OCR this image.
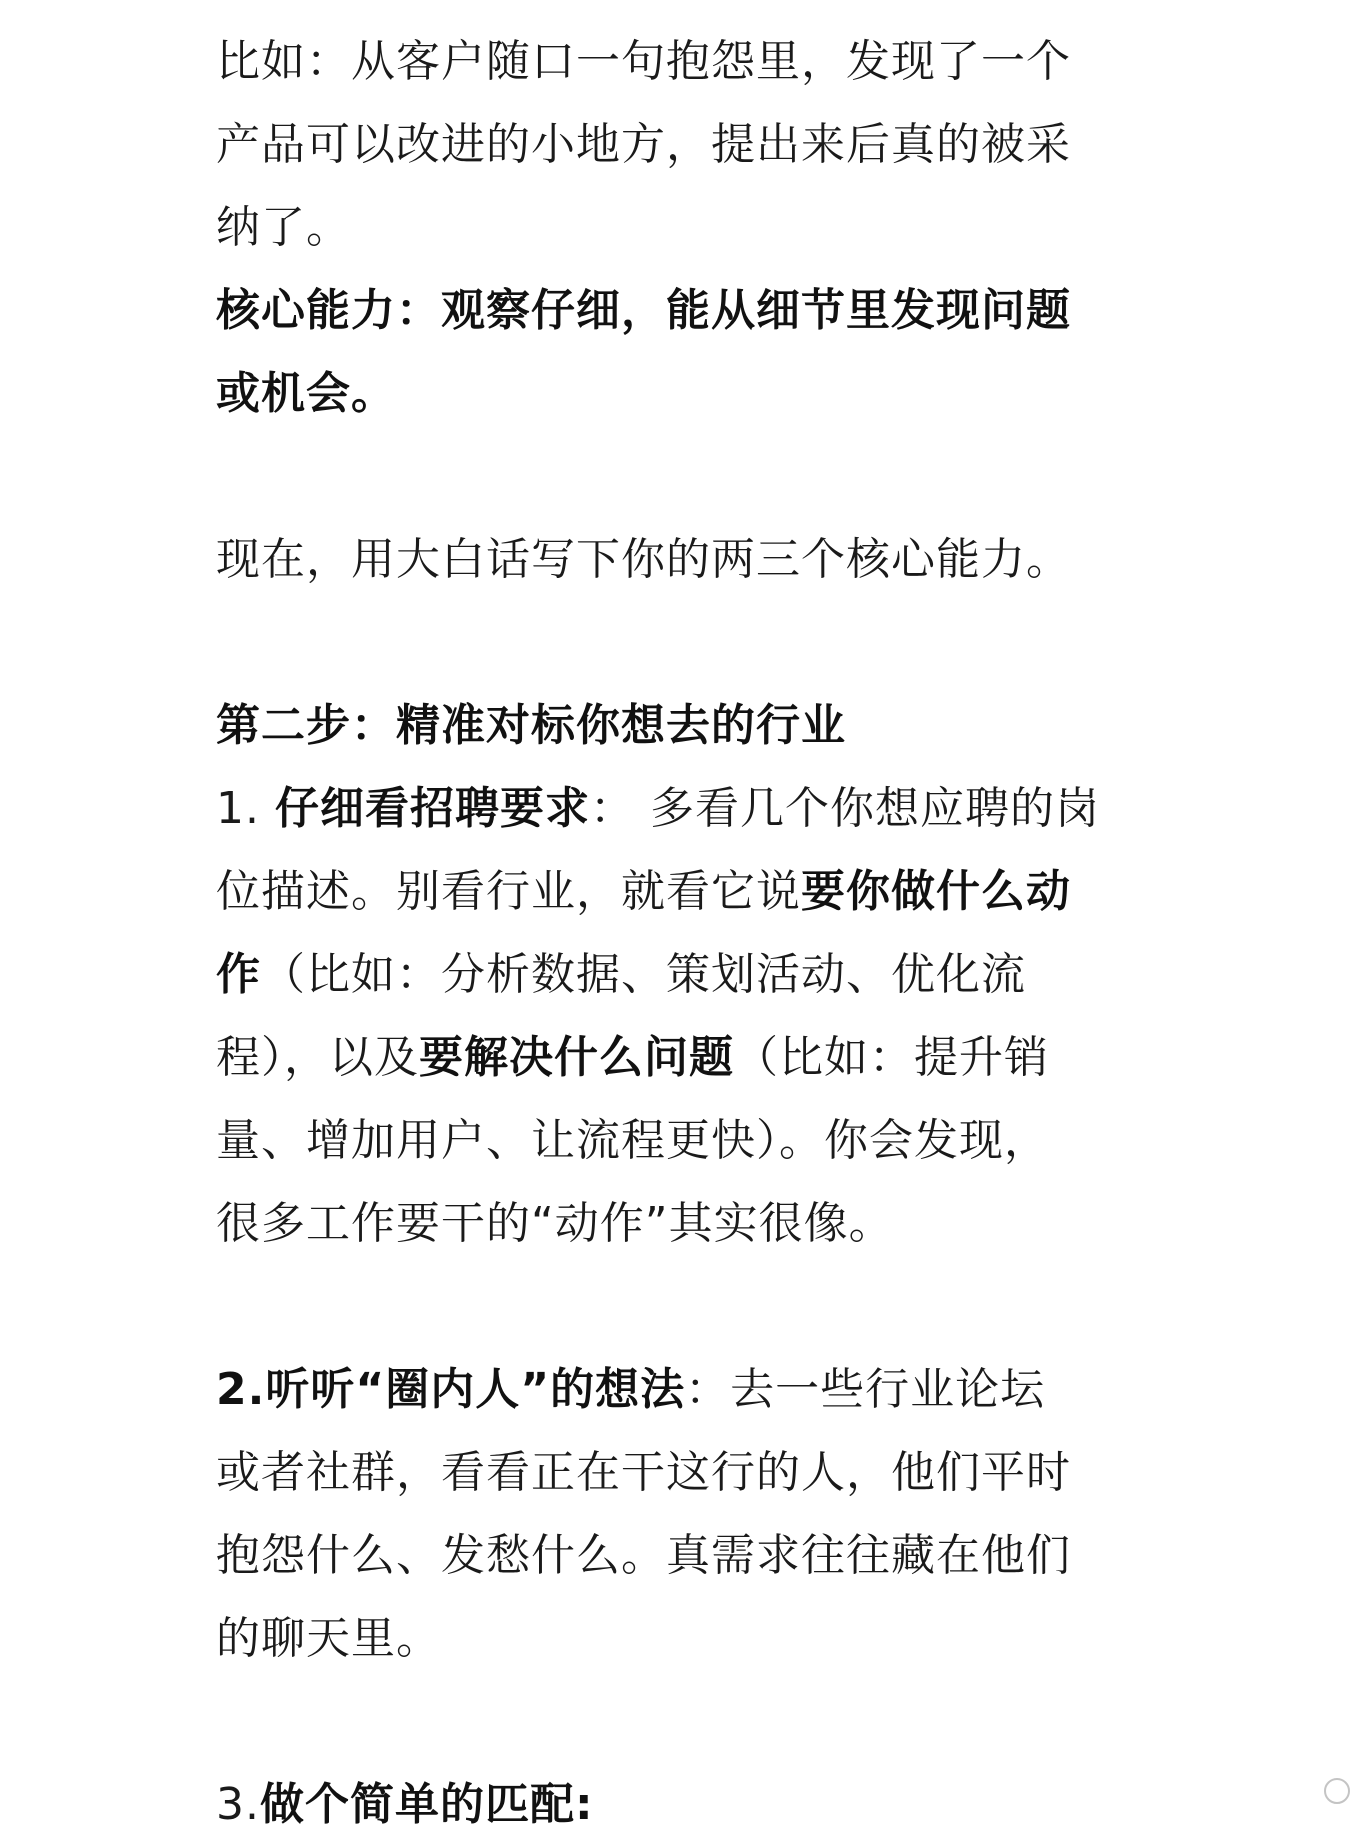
比如：从客户随口一句抱怨里，发现了一个

产品可以改进的小地方，提出来后真的被采

纳了。

核心能力：观察仔细，能从细节里发现问题

或机会。

现在，用大白话写下你的两三个核心能力。

第二步：精准对标你想去的行业

1. 仔细看招聘要求： 多看几个你想应聘的岗

位描述。别看行业，就看它说要你做什么动

作（比如：分析数据、策划活动、优化流

程），以及要解决什么问题（比如：提升销

量、增加用户、让流程更快）。你会发现，

很多工作要干的“动作”其实很像。

2.听听“圈内人”的想法：去一些行业论坛

或者社群，看看正在干这行的人，他们平时

抱怨什么、发愁什么。真需求往往藏在他们

的聊天里。

3.做个简单的匹配:
